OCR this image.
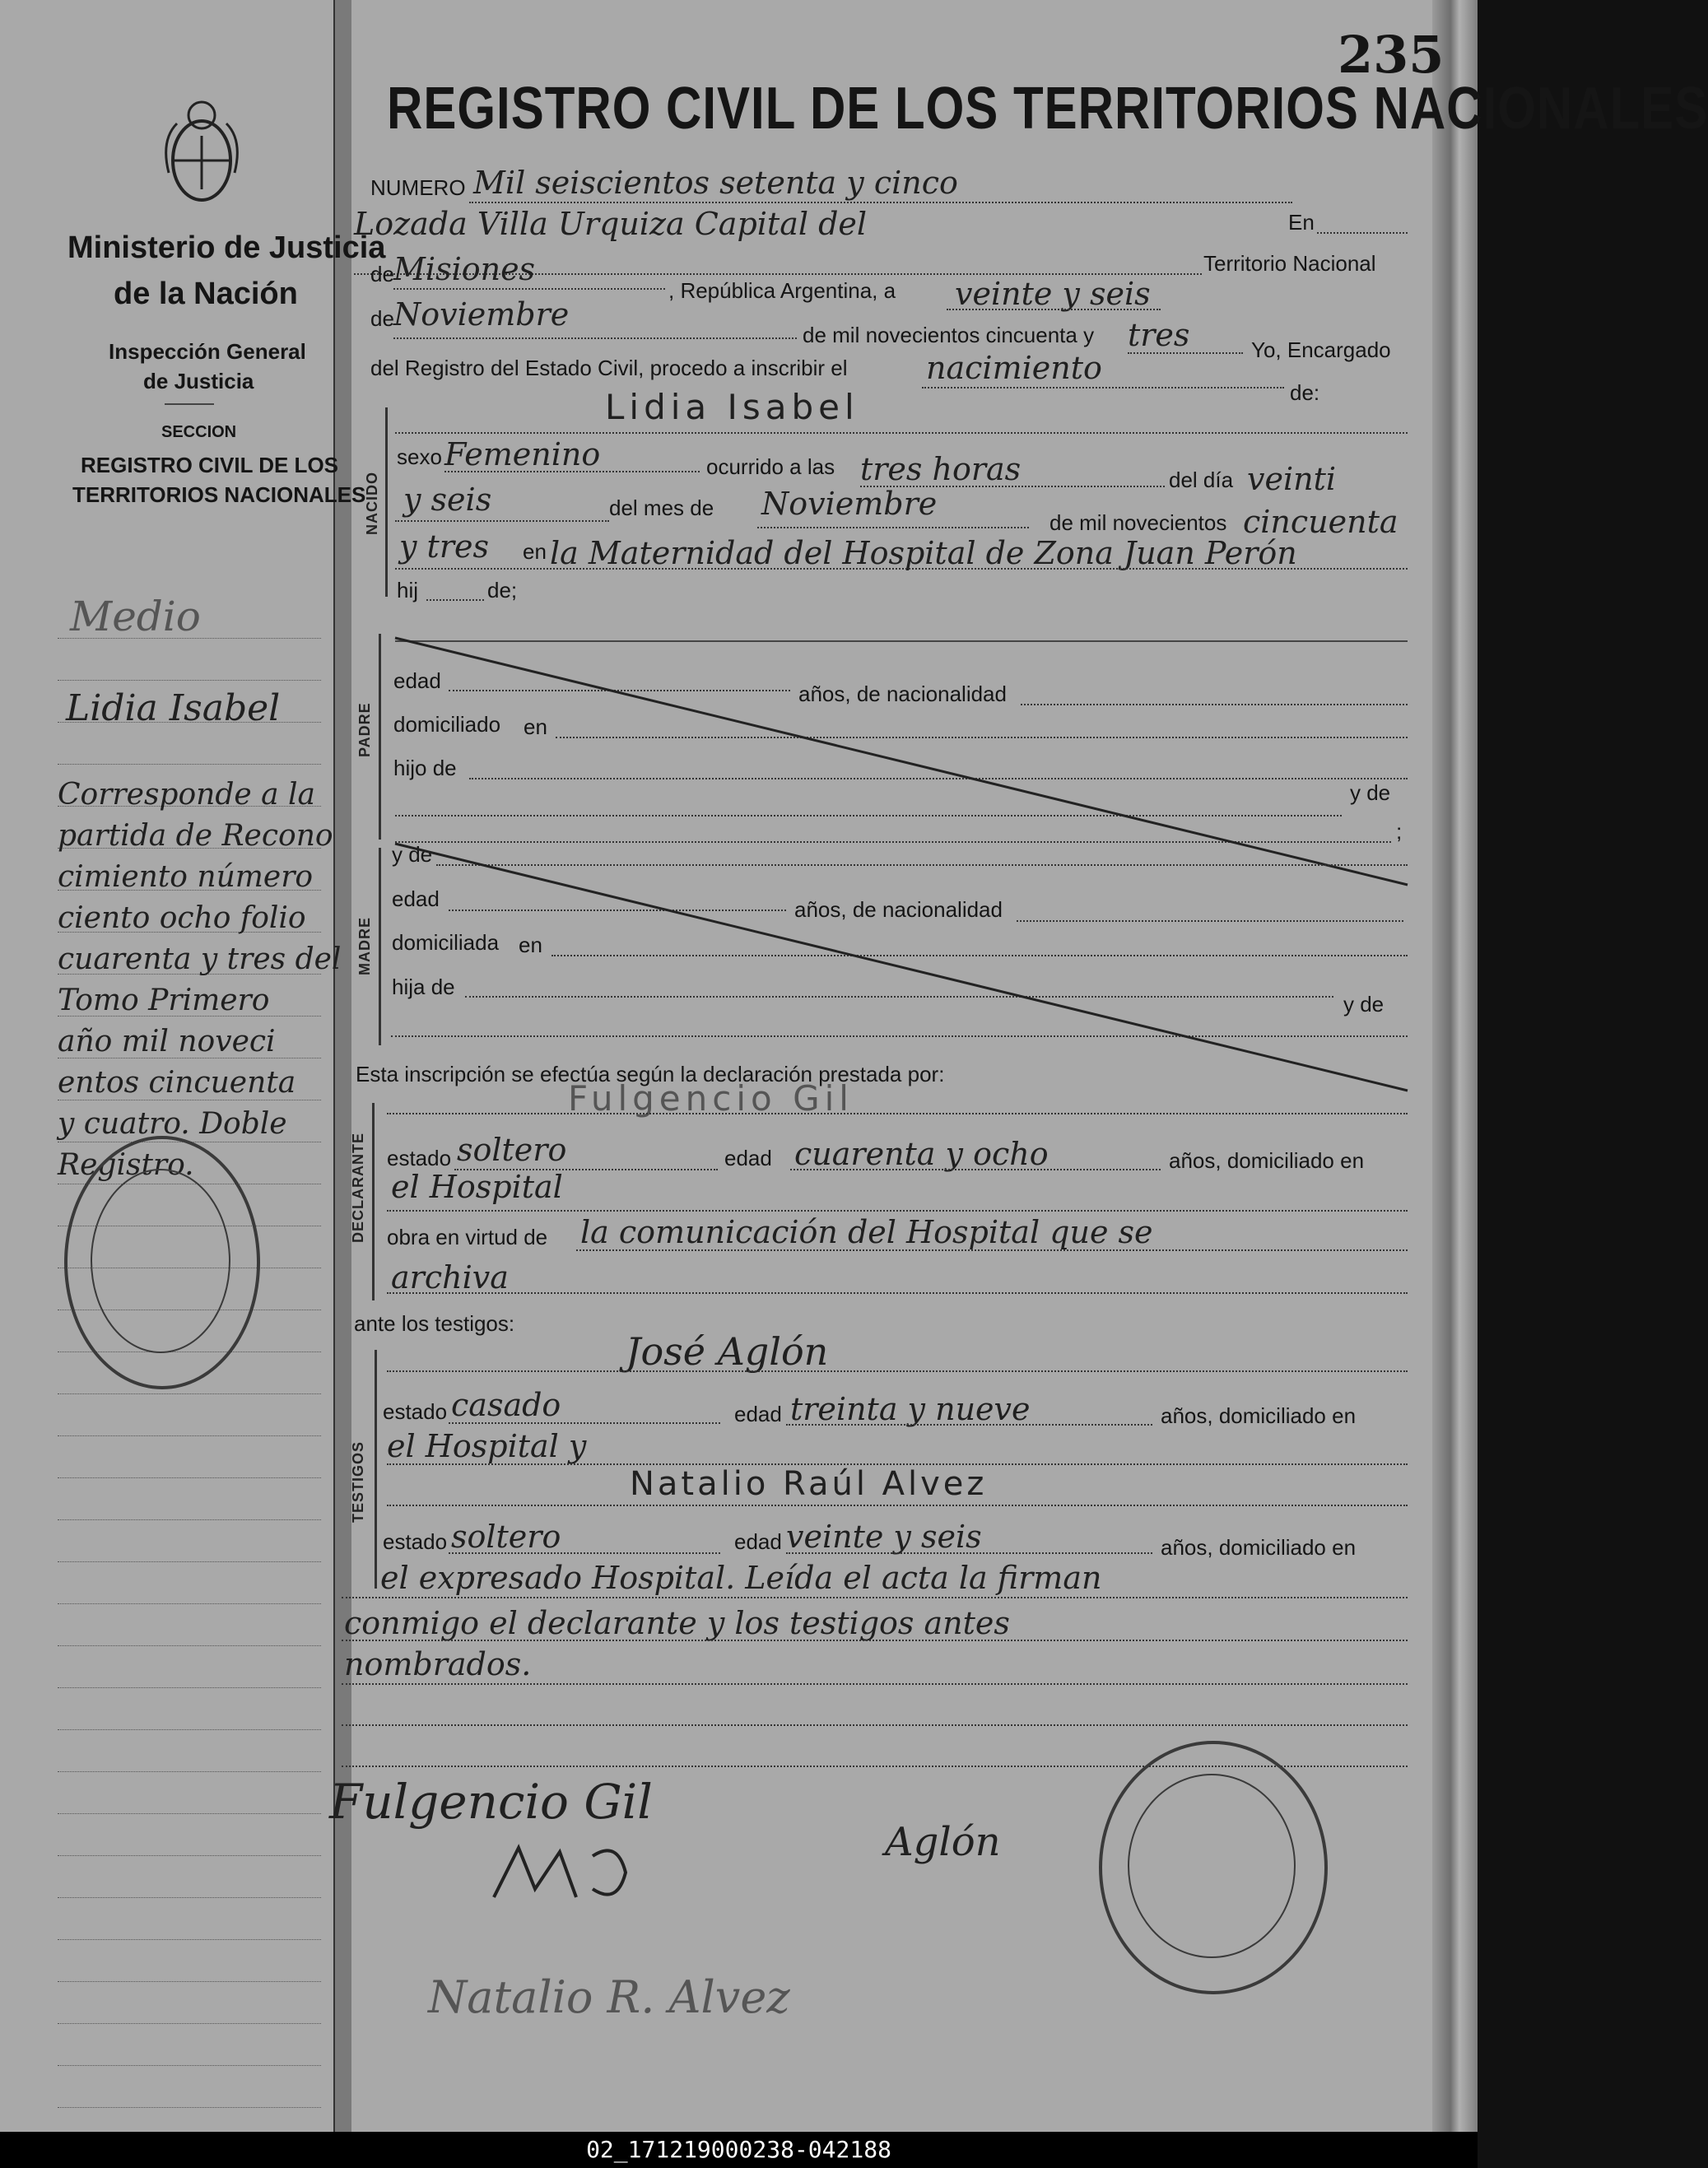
235
Ministerio de Justicia
de la Nación
Inspección General
de Justicia
SECCION
REGISTRO CIVIL DE LOS
TERRITORIOS NACIONALES
Medio
Lidia Isabel
Corresponde a la
partida de Recono
cimiento número
ciento ocho folio
cuarenta y tres del
Tomo Primero
año mil noveci
entos cincuenta
y cuatro. Doble
Registro.
REGISTRO CIVIL DE LOS TERRITORIOS NACIONALES
NUMERO Mil seiscientos setenta y cinco
En
Lozada Villa Urquiza Capital del
Territorio Nacional
de Misiones
, República Argentina, a veinte y seis
de Noviembre
de mil novecientos cincuenta y tres	Yo, Encargado
del Registro del Estado Civil, procedo a inscribir el	nacimiento
de:
NACIDO
Lidia Isabel
sexo Femenino	ocurrido a las tres horas	del día veinti
y seis	del mes de Noviembre
de mil novecientos cincuenta
y tres en la Maternidad del Hospital de Zona Juan Perón
hij	de;
PADRE
edad
años, de nacionalidad
domiciliado en
hijo de
y de
;
MADRE
y de
edad	años, de nacionalidad
domiciliada en
hija de
y de
Esta inscripción se efectúa según la declaración prestada por:
DECLARANTE
Fulgencio Gil
estado soltero	edad cuarenta y ocho	años, domiciliado en
el Hospital
obra en virtud de la comunicación del Hospital que se
archiva
ante los testigos:
TESTIGOS
José Aglón
estado casado	edad treinta y nueve	años, domiciliado en
el Hospital y
Natalio Raúl Alvez
estado soltero	edad veinte y seis	años, domiciliado en
el expresado Hospital. Leída el acta la firman
conmigo el declarante y los testigos antes
nombrados.
Fulgencio Gil
Aglón
Natalio R. Alvez
02_171219000238-042188
